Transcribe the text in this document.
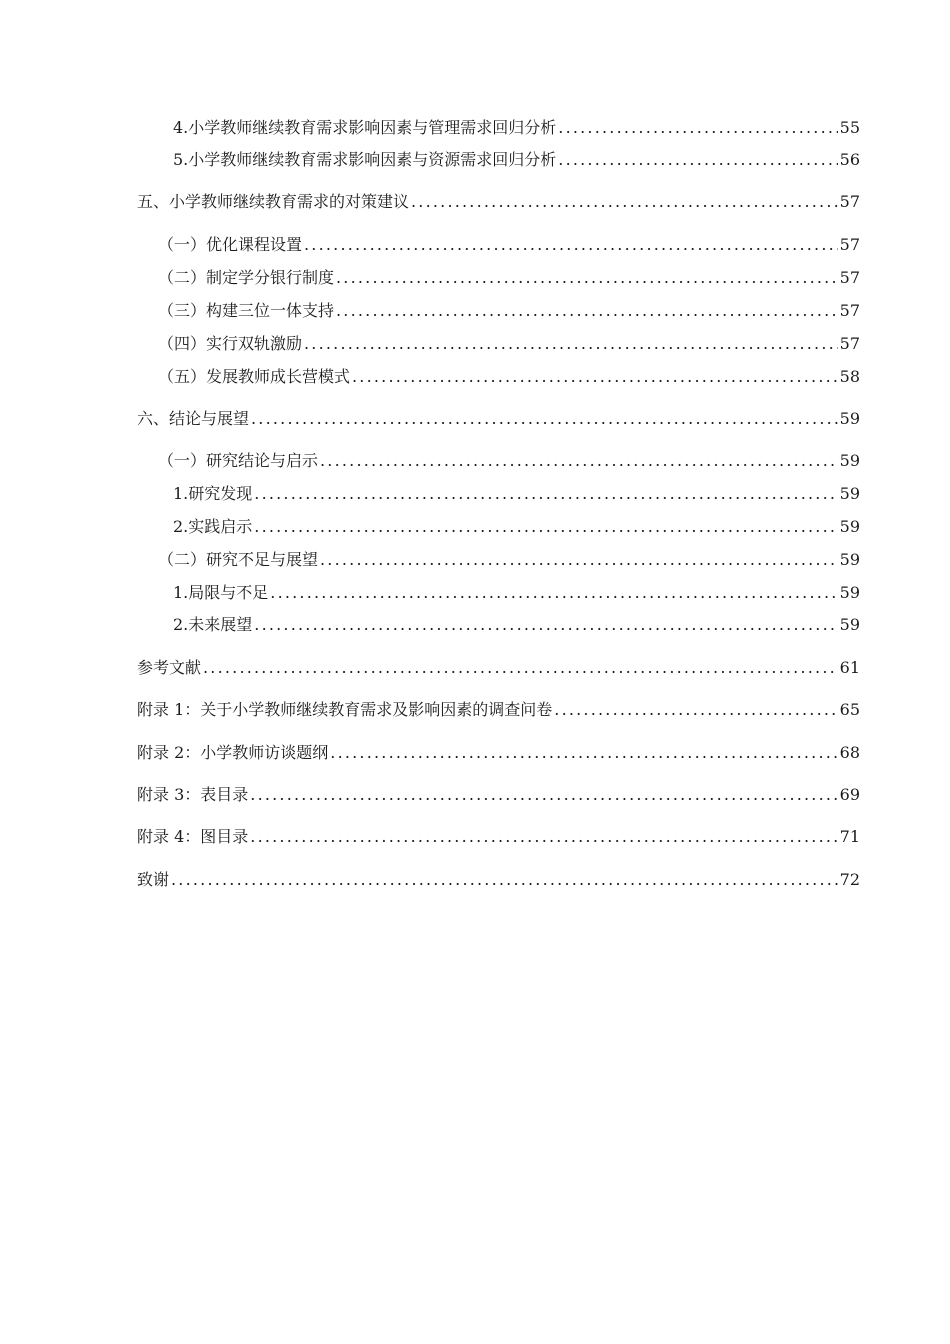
4.小学教师继续教育需求影响因素与管理需求回归分析 .....	55
5.小学教师继续教育需求影响因素与资源需求回归分析 .....	56
五、小学教师继续教育需求的对策建议 .....	57
（一）优化课程设置 .....	57
（二）制定学分银行制度 .....	57
（三）构建三位一体支持 .....	57
（四）实行双轨激励 .....	57
（五）发展教师成长营模式 .....	58
六、结论与展望 .....	59
（一）研究结论与启示 .....	59
1.研究发现 .....	59
2.实践启示 .....	59
（二）研究不足与展望 .....	59
1.局限与不足 .....	59
2.未来展望 .....	59
参考文献 .....	61
附录 1：关于小学教师继续教育需求及影响因素的调查问卷 .....	65
附录 2：小学教师访谈题纲 .....	68
附录 3：表目录 .....	69
附录 4：图目录 .....	71
致谢 .....	72
